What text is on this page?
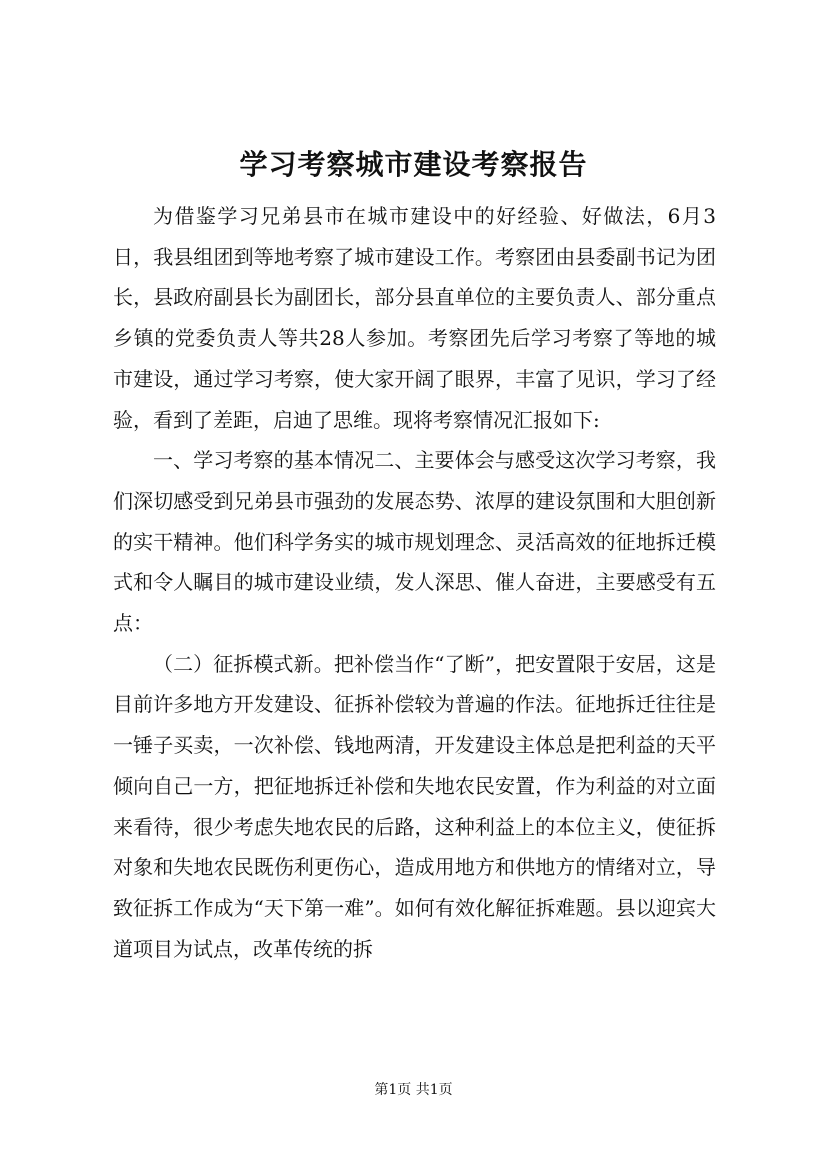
学习考察城市建设考察报告

为借鉴学习兄弟县市在城市建设中的好经验、好做法，6月3日，我县组团到等地考察了城市建设工作。考察团由县委副书记为团长，县政府副县长为副团长，部分县直单位的主要负责人、部分重点乡镇的党委负责人等共28人参加。考察团先后学习考察了等地的城市建设，通过学习考察，使大家开阔了眼界，丰富了见识，学习了经验，看到了差距，启迪了思维。现将考察情况汇报如下:

一、学习考察的基本情况二、主要体会与感受这次学习考察，我们深切感受到兄弟县市强劲的发展态势、浓厚的建设氛围和大胆创新的实干精神。他们科学务实的城市规划理念、灵活高效的征地拆迁模式和令人瞩目的城市建设业绩，发人深思、催人奋进，主要感受有五点：

（二）征拆模式新。把补偿当作“了断”，把安置限于安居，这是目前许多地方开发建设、征拆补偿较为普遍的作法。征地拆迁往往是一锤子买卖，一次补偿、钱地两清，开发建设主体总是把利益的天平倾向自己一方，把征地拆迁补偿和失地农民安置，作为利益的对立面来看待，很少考虑失地农民的后路，这种利益上的本位主义，使征拆对象和失地农民既伤利更伤心，造成用地方和供地方的情绪对立，导致征拆工作成为“天下第一难”。如何有效化解征拆难题。县以迎宾大道项目为试点，改革传统的拆

第1页 共1页
